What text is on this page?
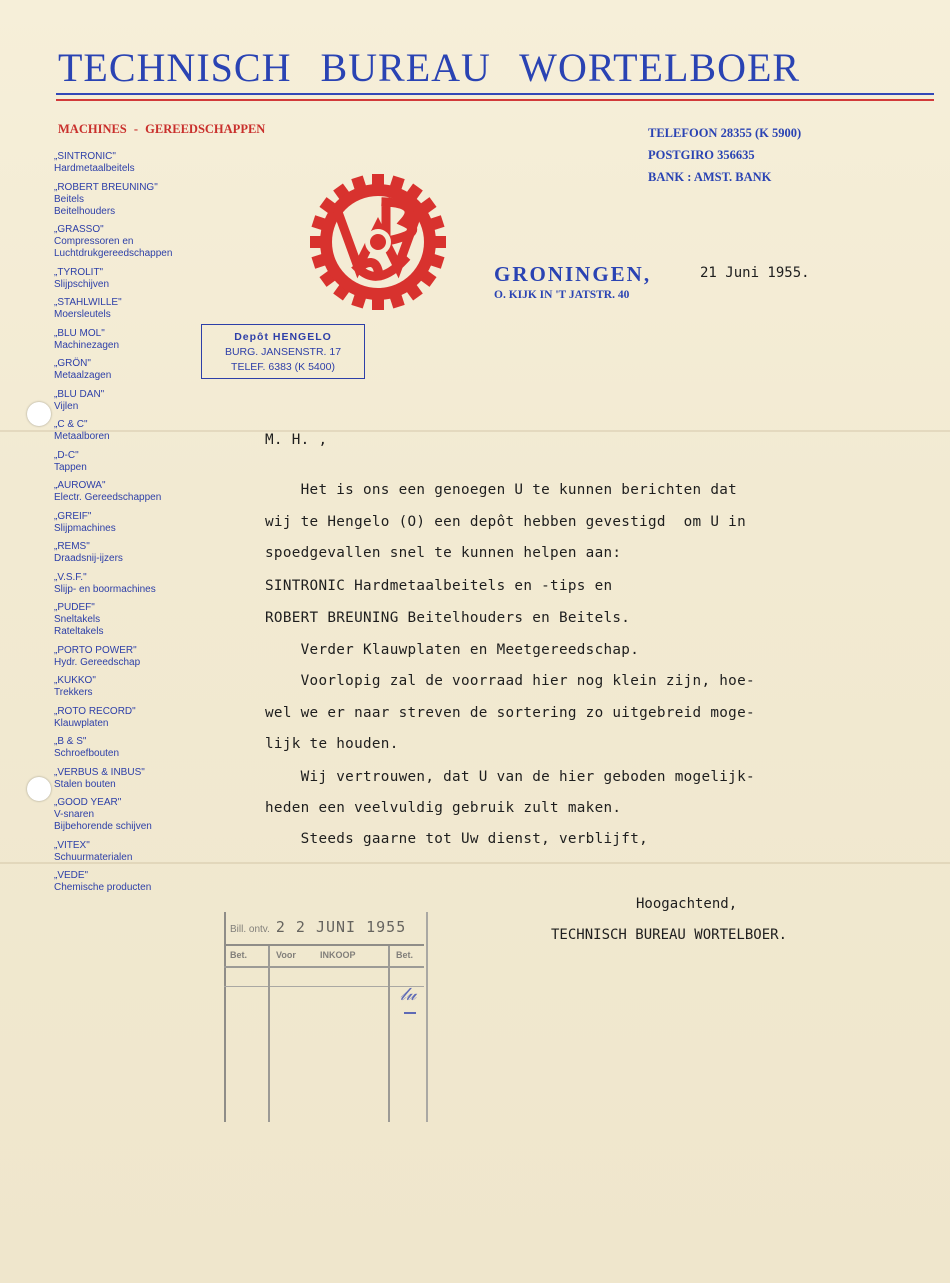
TECHNISCH BUREAU WORTELBOER
MACHINES - GEREEDSCHAPPEN	TELEFOON 28355 (K 5900)
POSTGIRO 356635
BANK : AMST. BANK
„SINTRONIC"
Hardmetaalbeitels
„ROBERT BREUNING"
Beitels
Beitelhouders
„GRASSO"
Compressoren en
Luchtdrukgereedschappen
„TYROLIT"
Slijpschijven
„STAHLWILLE"
Moersleutels
„BLU MOL"
Machinezagen
„GRÖN"
Metaalzagen
„BLU DAN"
Vijlen
„C & C"
Metaalboren
„D-C"
Tappen
„AUROWA"
Electr. Gereedschappen
„GREIF"
Slijpmachines
„REMS"
Draadsnij-ijzers
„V.S.F."
Slijp- en boormachines
„PUDEF"
Sneltakels
Rateltakels
„PORTO POWER"
Hydr. Gereedschap
„KUKKO"
Trekkers
„ROTO RECORD"
Klauwplaten
„B & S"
Schroefbouten
„VERBUS & INBUS"
Stalen bouten
„GOOD YEAR"
V-snaren
Bijbehorende schijven
„VITEX"
Schuurmaterialen
„VEDE"
Chemische producten
GRONINGEN,
O. KIJK IN 'T JATSTR. 40
21 Juni 1955.
Depôt HENGELO
BURG. JANSENSTR. 17
TELEF. 6383 (K 5400)
M. H. ,
Het is ons een genoegen U te kunnen berichten dat
wij te Hengelo (O) een depôt hebben gevestigd  om U in
spoedgevallen snel te kunnen helpen aan:
SINTRONIC Hardmetaalbeitels en -tips en
ROBERT BREUNING Beitelhouders en Beitels.
Verder Klauwplaten en Meetgereedschap.
Voorlopig zal de voorraad hier nog klein zijn, hoe-
wel we er naar streven de sortering zo uitgebreid moge-
lijk te houden.
Wij vertrouwen, dat U van de hier geboden mogelijk-
heden een veelvuldig gebruik zult maken.
Steeds gaarne tot Uw dienst, verblijft,
Hoogachtend,
TECHNISCH BUREAU WORTELBOER.
Bill. ontv. 2 2 JUNI 1955
Bet.	Voor	INKOOP	Bet.
𝓁𝓊
